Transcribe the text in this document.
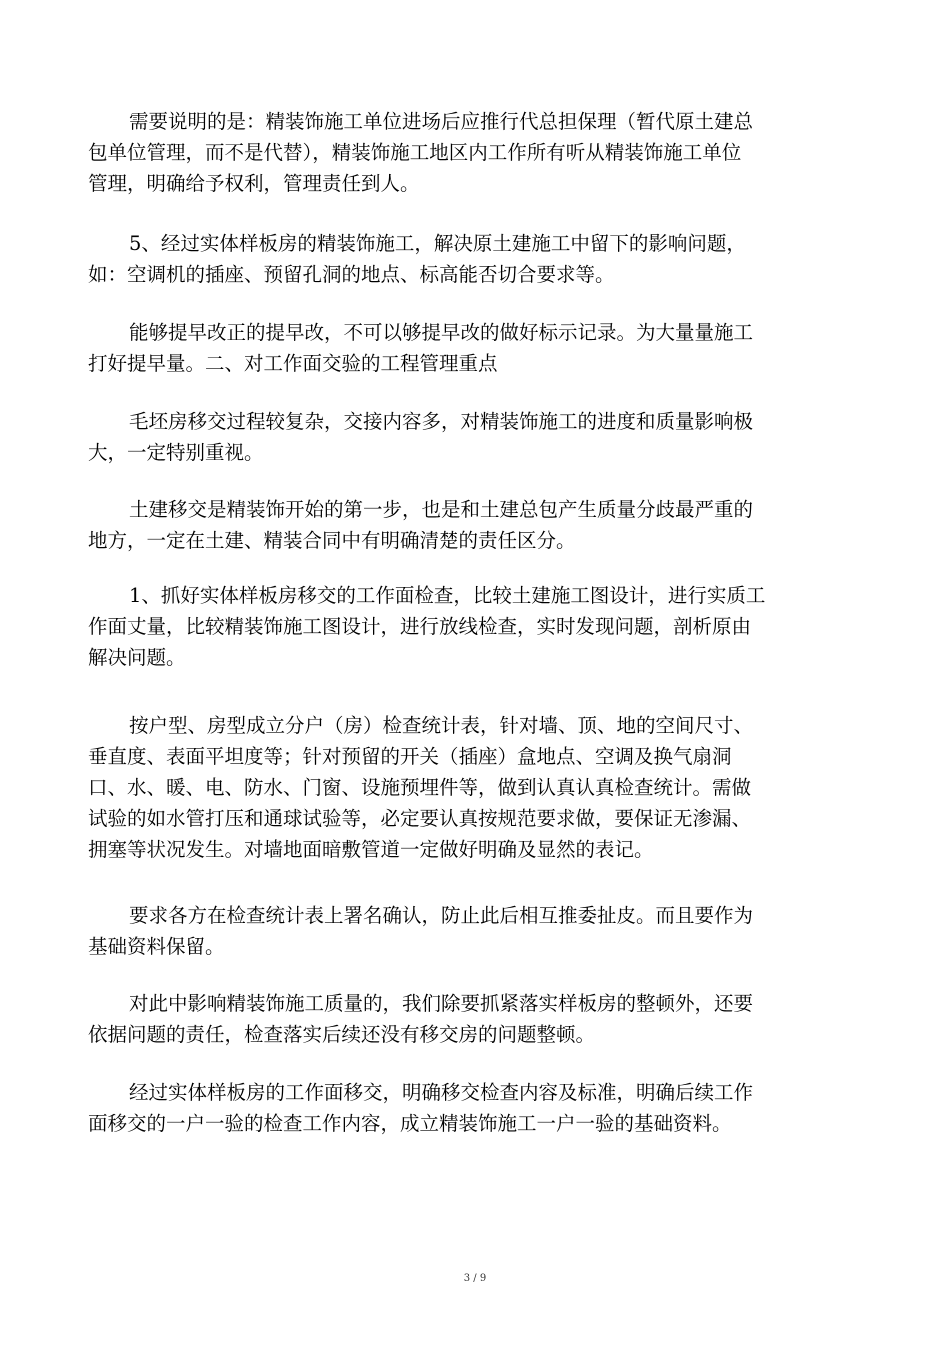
需要说明的是：精装饰施工单位进场后应推行代总担保理（暂代原土建总
包单位管理，而不是代替），精装饰施工地区内工作所有听从精装饰施工单位
管理，明确给予权利，管理责任到人。

5、经过实体样板房的精装饰施工，解决原土建施工中留下的影响问题，
如：空调机的插座、预留孔洞的地点、标高能否切合要求等。

能够提早改正的提早改，不可以够提早改的做好标示记录。为大量量施工
打好提早量。二、对工作面交验的工程管理重点

毛坯房移交过程较复杂，交接内容多，对精装饰施工的进度和质量影响极
大，一定特别重视。

土建移交是精装饰开始的第一步，也是和土建总包产生质量分歧最严重的
地方，一定在土建、精装合同中有明确清楚的责任区分。

1、抓好实体样板房移交的工作面检查，比较土建施工图设计，进行实质工
作面丈量，比较精装饰施工图设计，进行放线检查，实时发现问题，剖析原由
解决问题。

按户型、房型成立分户（房）检查统计表，针对墙、顶、地的空间尺寸、
垂直度、表面平坦度等；针对预留的开关（插座）盒地点、空调及换气扇洞
口、水、暖、电、防水、门窗、设施预埋件等，做到认真认真检查统计。需做
试验的如水管打压和通球试验等，必定要认真按规范要求做，要保证无渗漏、
拥塞等状况发生。对墙地面暗敷管道一定做好明确及显然的表记。

要求各方在检查统计表上署名确认，防止此后相互推委扯皮。而且要作为
基础资料保留。

对此中影响精装饰施工质量的，我们除要抓紧落实样板房的整顿外，还要
依据问题的责任，检查落实后续还没有移交房的问题整顿。

经过实体样板房的工作面移交，明确移交检查内容及标准，明确后续工作
面移交的一户一验的检查工作内容，成立精装饰施工一户一验的基础资料。

3 / 9
